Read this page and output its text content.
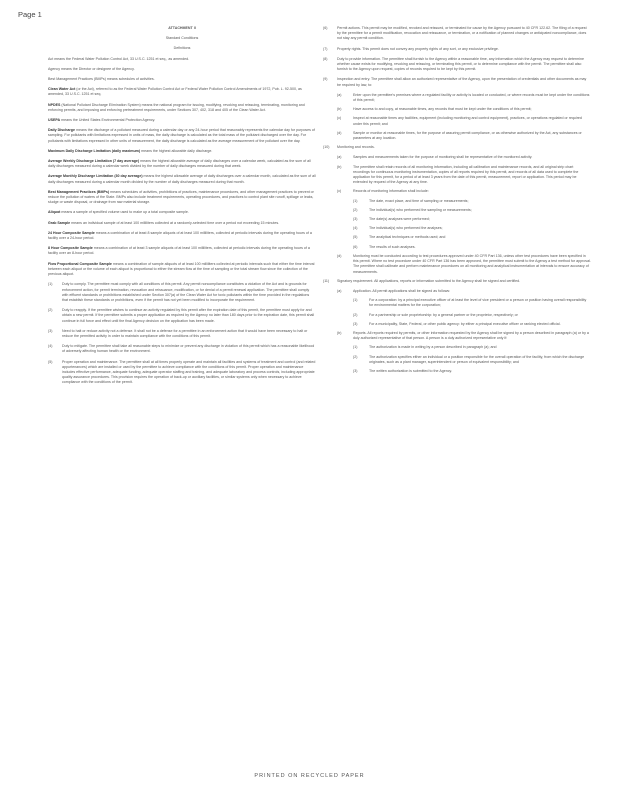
Page 1
ATTACHMENT II
Standard Conditions
Definitions

Act means the Federal Water Pollution Control Act, 33 U.S.C. 1251 et seq., as amended.

Agency means the Director or designee of the Agency.

Best Management Practices (BMPs) means schedules of activities.

Clean Water Act (or the Act), referred to as the Federal Water Pollution Control Act or Federal Water Pollution Control Amendments of 1972, Pub. L. 92-500, as amended, 33 U.S.C. 1251 et seq.

NPDES (National Pollutant Discharge Elimination System) means the national program for issuing, modifying, revoking and reissuing, terminating, monitoring and enforcing permits, and imposing and enforcing pretreatment requirements, under Sections 307, 402, 318 and 405 of the Clean Water Act.

USEPA means the United States Environmental Protection Agency.

Daily Discharge means the discharge of a pollutant measured during a calendar day or any 24-hour period that reasonably represents the calendar day for purposes of sampling. For pollutants with limitations expressed in units of mass, the daily discharge is calculated as the total mass of the pollutant discharged over the day. For pollutants with limitations expressed in other units of measurement, the daily discharge is calculated as the average measurement of the pollutant over the day.

Maximum Daily Discharge Limitation (daily maximum) means the highest allowable daily discharge.

Average Weekly Discharge Limitation (7 day average) means the highest allowable average of daily discharges over a calendar week, calculated as the sum of all daily discharges measured during a calendar week divided by the number of daily discharges measured during that week.

Average Monthly Discharge Limitation (30 day average) means the highest allowable average of daily discharges over a calendar month, calculated as the sum of all daily discharges measured during a calendar month divided by the number of daily discharges measured during that month.

Best Management Practices (BMPs) means schedules of activities, prohibitions of practices, maintenance procedures, and other management practices to prevent or reduce the pollution of waters of the State. BMPs also include treatment requirements, operating procedures, and practices to control plant site runoff, spillage or leaks, sludge or waste disposal, or drainage from raw material storage.

Aliquot means a sample of specified volume used to make up a total composite sample.

Grab Sample means an individual sample of at least 100 milliliters collected at a randomly-selected time over a period not exceeding 15 minutes.

24 Hour Composite Sample means a combination of at least 8 sample aliquots of at least 100 milliliters, collected at periodic intervals during the operating hours of a facility over a 24-hour period.

8 Hour Composite Sample means a combination of at least 3 sample aliquots of at least 100 milliliters, collected at periodic intervals during the operating hours of a facility over an 8-hour period.

Flow Proportional Composite Sample means a combination of sample aliquots of at least 100 milliliters collected at periodic intervals such that either the time interval between each aliquot or the volume of each aliquot is proportional to either the stream flow at the time of sampling or the total stream flow since the collection of the previous aliquot.

(1)	Duty to comply. The permittee must comply with all conditions of this permit. Any permit noncompliance constitutes a violation of the Act and is grounds for enforcement action, for permit termination, revocation and reissuance, modification, or for denial of a permit renewal application. The permittee shall comply with effluent standards or prohibitions established under Section 307(a) of the Clean Water Act for toxic pollutants within the time provided in the regulations that establish these standards or prohibitions, even if the permit has not yet been modified to incorporate the requirement.
(2)	Duty to reapply. If the permittee wishes to continue an activity regulated by this permit after the expiration date of this permit, the permittee must apply for and obtain a new permit. If the permittee submits a proper application as required by the Agency no later than 180 days prior to the expiration date, this permit shall continue in full force and effect until the final Agency decision on the application has been made.
(3)	Need to halt or reduce activity not a defense. It shall not be a defense for a permittee in an enforcement action that it would have been necessary to halt or reduce the permitted activity in order to maintain compliance with the conditions of this permit.
(4)	Duty to mitigate. The permittee shall take all reasonable steps to minimize or prevent any discharge in violation of this permit which has a reasonable likelihood of adversely affecting human health or the environment.
(5)	Proper operation and maintenance. The permittee shall at all times properly operate and maintain all facilities and systems of treatment and control (and related appurtenances) which are installed or used by the permittee to achieve compliance with the conditions of this permit. Proper operation and maintenance includes effective performance, adequate funding, adequate operator staffing and training, and adequate laboratory and process controls, including appropriate quality assurance procedures. This provision requires the operation of back-up or auxiliary facilities, or similar systems only when necessary to achieve compliance with the conditions of the permit.
(6)	Permit actions. This permit may be modified, revoked and reissued, or terminated for cause by the Agency pursuant to 40 CFR 122.62. The filing of a request by the permittee for a permit modification, revocation and reissuance, or termination, or a notification of planned changes or anticipated noncompliance, does not stay any permit condition.
(7)	Property rights. This permit does not convey any property rights of any sort, or any exclusive privilege.
(8)	Duty to provide information. The permittee shall furnish to the Agency within a reasonable time, any information which the Agency may request to determine whether cause exists for modifying, revoking and reissuing, or terminating this permit, or to determine compliance with the permit. The permittee shall also furnish to the Agency upon request, copies of records required to be kept by this permit.
(9)	Inspection and entry. The permittee shall allow an authorized representative of the Agency, upon the presentation of credentials and other documents as may be required by law, to:
(a)	Enter upon the permittee's premises where a regulated facility or activity is located or conducted, or where records must be kept under the conditions of this permit;
(b)	Have access to and copy, at reasonable times, any records that must be kept under the conditions of this permit;
(c)	Inspect at reasonable times any facilities, equipment (including monitoring and control equipment), practices, or operations regulated or required under this permit; and
(d)	Sample or monitor at reasonable times, for the purpose of assuring permit compliance, or as otherwise authorized by the Act, any substances or parameters at any location.
(10)	Monitoring and records.
(a)	Samples and measurements taken for the purpose of monitoring shall be representative of the monitored activity.
(b)	The permittee shall retain records of all monitoring information, including all calibration and maintenance records, and all original strip chart recordings for continuous monitoring instrumentation, copies of all reports required by this permit, and records of all data used to complete the application for this permit, for a period of at least 3 years from the date of this permit, measurement, report or application. This period may be extended by request of the Agency at any time.
(c)	Records of monitoring information shall include:
(1)	The date, exact place, and time of sampling or measurements;
(2)	The individual(s) who performed the sampling or measurements;
(3)	The date(s) analyses were performed;
(4)	The individual(s) who performed the analyses;
(5)	The analytical techniques or methods used; and
(6)	The results of such analyses.
(d)	Monitoring must be conducted according to test procedures approved under 40 CFR Part 136, unless other test procedures have been specified in this permit. Where no test procedure under 40 CFR Part 136 has been approved, the permittee must submit to the Agency a test method for approval. The permittee shall calibrate and perform maintenance procedures on all monitoring and analytical instrumentation at intervals to ensure accuracy of measurements.
(11)	Signatory requirement. All applications, reports or information submitted to the Agency shall be signed and certified.
(a)	Application. All permit applications shall be signed as follows:
(1)	For a corporation: by a principal executive officer of at least the level of vice president or a person or position having overall responsibility for environmental matters for the corporation;
(2)	For a partnership or sole proprietorship: by a general partner or the proprietor, respectively; or
(3)	For a municipality, State, Federal, or other public agency: by either a principal executive officer or ranking elected official.
(b)	Reports. All reports required by permits, or other information requested by the Agency shall be signed by a person described in paragraph (a) or by a duly authorized representative of that person. A person is a duly authorized representative only if:
(1)	The authorization is made in writing by a person described in paragraph (a); and
(2)	The authorization specifies either an individual or a position responsible for the overall operation of the facility, from which the discharge originates, such as a plant manager, superintendent or person of equivalent responsibility; and
(3)	The written authorization is submitted to the Agency.
PRINTED ON RECYCLED PAPER
